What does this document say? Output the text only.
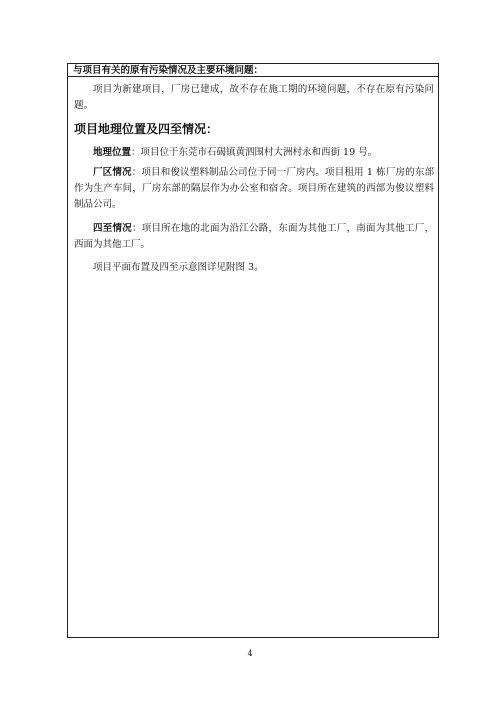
与项目有关的原有污染情况及主要环境问题：
项目为新建项目，厂房已建成，故不存在施工期的环境问题，不存在原有污染问题。
项目地理位置及四至情况：
地理位置：项目位于东莞市石碣镇黄泗围村大洲村永和西街 19 号。
厂区情况：项目和俊议塑料制品公司位于同一厂房内。项目租用 1 栋厂房的东部作为生产车间，厂房东部的隔层作为办公室和宿舍。项目所在建筑的西部为俊议塑料制品公司。
四至情况：项目所在地的北面为沿江公路，东面为其他工厂，南面为其他工厂，西面为其他工厂。
项目平面布置及四至示意图详见附图 3。
4
